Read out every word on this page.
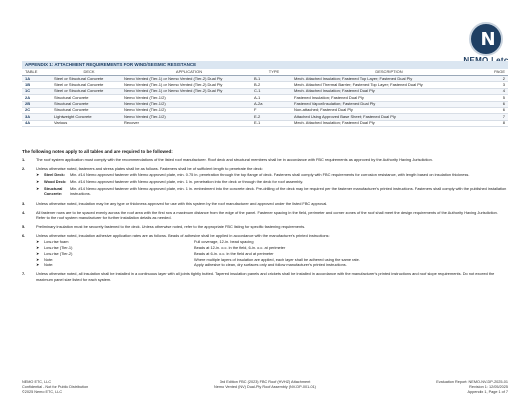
N
APPENDIX 1: ATTACHMENT REQUIREMENTS FOR WIND/SEISMIC RESISTANCE
TABLE	DECK	APPLICATION	TYPE	DESCRIPTION	PAGE
1A	Steel or Structural Concrete	Nemo Vented (Tier-1) or Nemo Vented (Tier-2) Dual Ply	B-1	Mech. Attached Insulation; Fastened Top Layer; Fastened Dual Ply	2
1B	Steel or Structural Concrete	Nemo Vented (Tier-1) or Nemo Vented (Tier-2) Dual Ply	B-2	Mech. Attached Thermal Barrier; Fastened Top Layer; Fastened Dual Ply	3
1C	Steel or Structural Concrete	Nemo Vented (Tier-1) or Nemo Vented (Tier-2) Dual Ply	C-1	Mech. Attached Insulation; Fastened Dual Ply	4
2A	Structural Concrete	Nemo Vented (Tier-1/2)	A-1	Fastened Insulation; Fastened Dual Ply	5
2B	Structural Concrete	Nemo Vented (Tier-1/2)	A-2a	Fastened Vapor/Insulation; Fastened Dual Ply	6
2C	Structural Concrete	Nemo Vented (Tier-1/2)	F	Non-attached; Fastened Dual Ply	6
3A	Lightweight Concrete	Nemo Vented (Tier-1/2)	E-2	Attached Using Approved Base Sheet; Fastened Dual Ply	7
4A	Various	Recover	E-1	Mech. Attached Insulation; Fastened Dual Ply	8
The following notes apply to all tables and are required to be followed:
1.	The roof system application must comply with the recommendations of the listed roof manufacturer. Roof deck and structural members shall be in accordance with FBC requirements as approved by the Authority Having Jurisdiction.
2.	Unless otherwise noted, fasteners and stress plates shall be as follows. Fasteners shall be of sufficient length to penetrate the deck:
➤	Steel Deck:	Min. #14 Nemo approved fastener with Nemo approved plate, min. 0.75 in. penetration through the top flange of deck. Fasteners shall comply with FBC requirements for corrosion resistance, with length based on insulation thickness.
➤	Wood Deck: Min. #14 Nemo approved fastener with Nemo approved plate, min. 1 in. penetration into the deck or through the deck for roof assembly.
➤	Structural Concrete:
Min. #14 Nemo approved fastener with Nemo approved plate, min. 1 in. embedment into the concrete deck. Pre-drilling of the deck may be required per the fastener manufacturer's printed instructions. Fasteners shall comply with the published installation instructions.
3.	Unless otherwise noted, insulation may be any type or thickness approved for use with this system by the roof manufacturer and approved under the listed FBC approval.
4.	All fastener rows are to be spaced evenly across the roof area with the first row a maximum distance from the edge of the panel. Fastener spacing in the field, perimeter and corner zones of the roof shall meet the design requirements of the Authority Having Jurisdiction. Refer to the roof system manufacturer for further installation details as needed.
5.	Preliminary insulation must be securely fastened to the deck. Unless otherwise noted, refer to the appropriate FBC listing for specific fastening requirements.
6.	Unless otherwise noted, insulation adhesive application rates are as follows. Beads of adhesive shall be applied in accordance with the manufacturer's printed instructions:
➤	Low-rise foam	Full coverage, 12-in. bead spacing
➤	Low-rise (Tier-1)	Beads at 12-in. o.c. in the field, 6-in. o.c. at perimeter
➤	Low-rise (Tier-2)	Beads at 6-in. o.c. in the field and at perimeter
➤	Note:	Where multiple layers of insulation are applied, each layer shall be adhered using the same rate.
➤	Note:	Apply adhesive to clean, dry surfaces only and follow manufacturer's printed instructions.
7.	Unless otherwise noted, all insulation shall be installed in a continuous layer with all joints tightly butted. Tapered insulation panels and crickets shall be installed in accordance with the manufacturer's printed instructions and roof slope requirements. Do not exceed the maximum panel size listed for each system.
NEMO ETC, LLC
Confidential - Not for Public Distribution
©2025 Nemo ETC, LLC
3rd Edition FBC (2023) FBC Roof (HVHZ) Attachment
Nemo Vented (NV) Dual-Ply Roof Assembly (NV-DP-001-01)
Evaluation Report: NEMO-NV-DP-2025-01
Revision 1: 12/05/2025
Appendix 1, Page 1 of 7
